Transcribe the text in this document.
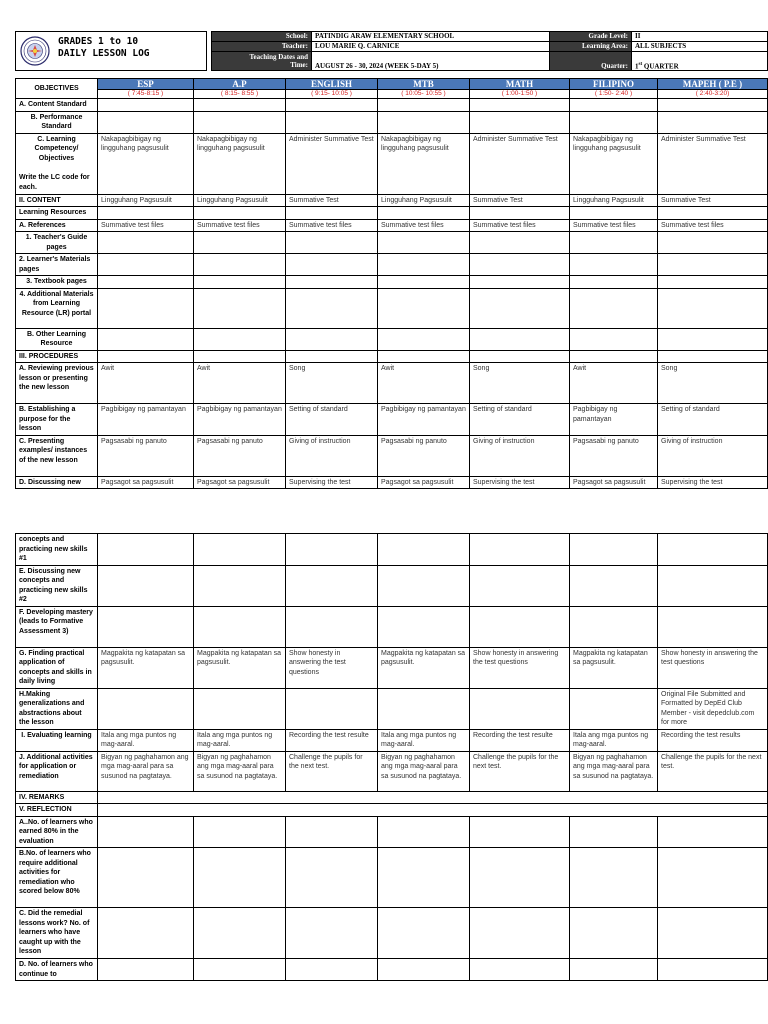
GRADES 1 to 10
DAILY LESSON LOG
School:	PATINDIG ARAW ELEMENTARY SCHOOL
Teacher:	LOU MARIE Q. CARNICE

Teaching Dates and
Time:	AUGUST 26 - 30, 2024 (WEEK 5-DAY 5)
Grade Level:	II
Learning Area:	ALL SUBJECTS
Quarter:	1st QUARTER
OBJECTIVES	ESP	A.P	ENGLISH	MTB	MATH	FILIPINO	MAPEH ( P.E )
	( 7:45-8:15 )	( 8:15- 8:55 )	( 9:15- 10:05 )	( 10:05- 10:55 )	( 1:00-1:50 )	( 1:50- 2:40 )	( 2:40-3:20)
A. Content Standard							
B. Performance Standard							

C. Learning Competency/ Objectives
Write the LC code for each.	Nakapagbibigay ng lingguhang pagsusulit	Nakapagbibigay ng lingguhang pagsusulit	Administer Summative Test	Nakapagbibigay ng lingguhang pagsusulit	Administer Summative Test	Nakapagbibigay ng lingguhang pagsusulit	Administer Summative Test
II. CONTENT	Lingguhang Pagsusulit	Lingguhang Pagsusulit	Summative Test	Lingguhang Pagsusulit	Summative Test	Lingguhang Pagsusulit	Summative Test
Learning Resources							
A. References	Summative test files	Summative test files	Summative test files	Summative test files	Summative test files	Summative test files	Summative test files
1. Teacher's Guide pages							
2. Learner's Materials pages							
3. Textbook pages							
4. Additional Materials from Learning Resource (LR) portal							
B. Other Learning Resource							
III. PROCEDURES							
A. Reviewing previous lesson or presenting the new lesson	Awit	Awit	Song	Awit	Song	Awit	Song
B. Establishing a purpose for the lesson	Pagbibigay ng pamantayan	Pagbibigay ng pamantayan	Setting of standard	Pagbibigay ng pamantayan	Setting of standard	Pagbibigay ng pamantayan	Setting of standard
C. Presenting examples/ instances of the new lesson	Pagsasabi ng panuto	Pagsasabi ng panuto	Giving of instruction	Pagsasabi ng panuto	Giving of instruction	Pagsasabi ng panuto	Giving of instruction
D. Discussing new	Pagsagot sa pagsusulit	Pagsagot sa pagsusulit	Supervising the test	Pagsagot sa pagsusulit	Supervising the test	Pagsagot sa pagsusulit	Supervising the test
concepts and practicing new skills #1							
E. Discussing new concepts and practicing new skills #2							
F. Developing mastery (leads to Formative Assessment 3)							
G. Finding practical application of concepts and skills in daily living	Magpakita ng katapatan sa pagsusulit.	Magpakita ng katapatan sa pagsusulit.	Show honesty in answering the test questions	Magpakita ng katapatan sa pagsusulit.	Show honesty in answering the test questions	Magpakita ng katapatan sa pagsusulit.	Show honesty in answering the test questions
H.Making generalizations and abstractions about the lesson							Original File Submitted and Formatted by DepEd Club Member - visit depedclub.com for more
I. Evaluating learning	Itala ang mga puntos ng mag-aaral.	Itala ang mga puntos ng mag-aaral.	Recording the test resulte	Itala ang mga puntos ng mag-aaral.	Recording the test resulte	Itala ang mga puntos ng mag-aaral.	Recording the test results
J. Additional activities for application or remediation	Bigyan ng paghahamon ang mga mag-aaral para sa susunod na pagtataya.	Bigyan ng paghahamon ang mga mag-aaral para sa susunod na pagtataya.	Challenge the pupils for the next test.	Bigyan ng paghahamon ang mga mag-aaral para sa susunod na pagtataya.	Challenge the pupils for the next test.	Bigyan ng paghahamon ang mga mag-aaral para sa susunod na pagtataya.	Challenge the pupils for the next test.
IV. REMARKS							
V. REFLECTION							
A..No. of learners who earned 80% in the evaluation							
B.No. of learners who require additional activities for remediation who scored below 80%							
C. Did the remedial lessons work? No. of learners who have caught up with the lesson							
D. No. of learners who continue to							
